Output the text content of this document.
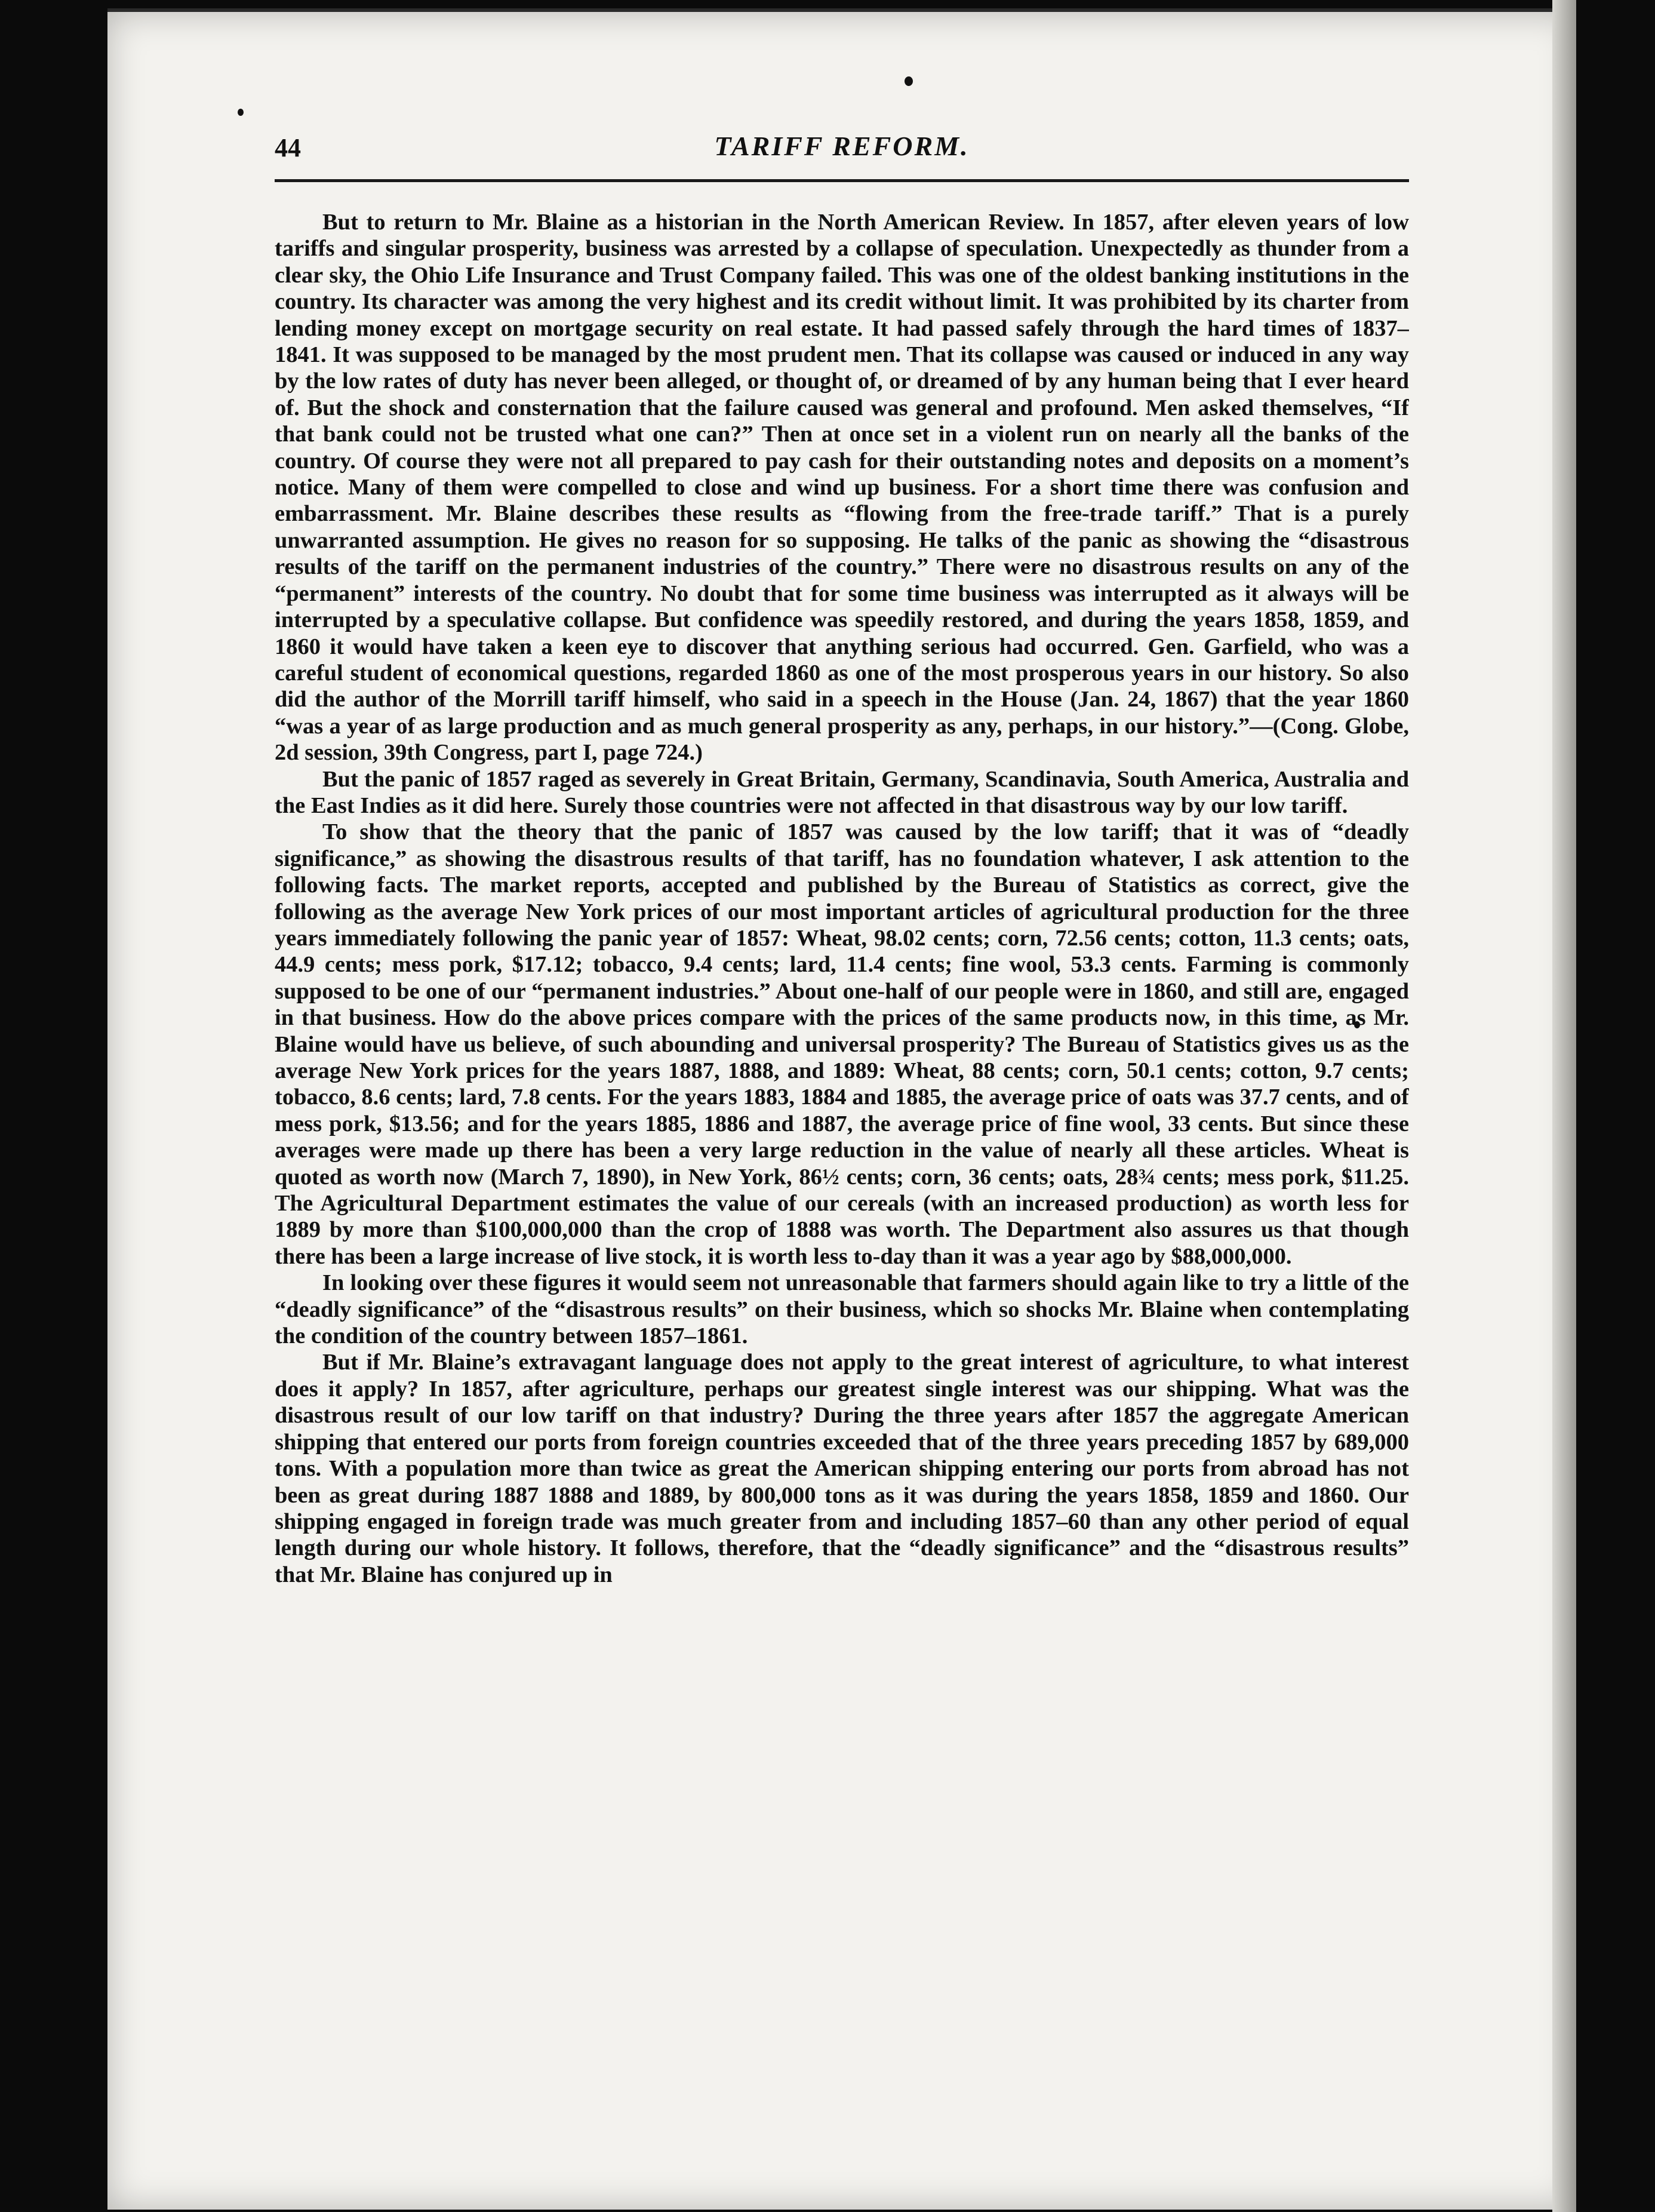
44	TARIFF REFORM.

But to return to Mr. Blaine as a historian in the North American Review. In 1857, after eleven years of low tariffs and singular prosperity, business was arrested by a collapse of speculation. Unexpectedly as thunder from a clear sky, the Ohio Life Insurance and Trust Company failed. This was one of the oldest banking institutions in the country. Its character was among the very highest and its credit without limit. It was prohibited by its charter from lending money except on mortgage security on real estate. It had passed safely through the hard times of 1837–1841. It was supposed to be managed by the most prudent men. That its collapse was caused or induced in any way by the low rates of duty has never been alleged, or thought of, or dreamed of by any human being that I ever heard of. But the shock and consternation that the failure caused was general and profound. Men asked themselves, “If that bank could not be trusted what one can?” Then at once set in a violent run on nearly all the banks of the country. Of course they were not all prepared to pay cash for their outstanding notes and deposits on a moment’s notice. Many of them were compelled to close and wind up business. For a short time there was confusion and embarrassment. Mr. Blaine describes these results as “flowing from the free-trade tariff.” That is a purely unwarranted assumption. He gives no reason for so supposing. He talks of the panic as showing the “disastrous results of the tariff on the permanent industries of the country.” There were no disastrous results on any of the “permanent” interests of the country. No doubt that for some time business was interrupted as it always will be interrupted by a speculative collapse. But confidence was speedily restored, and during the years 1858, 1859, and 1860 it would have taken a keen eye to discover that anything serious had occurred. Gen. Garfield, who was a careful student of economical questions, regarded 1860 as one of the most prosperous years in our history. So also did the author of the Morrill tariff himself, who said in a speech in the House (Jan. 24, 1867) that the year 1860 “was a year of as large production and as much general prosperity as any, perhaps, in our history.”—(Cong. Globe, 2d session, 39th Congress, part I, page 724.)

But the panic of 1857 raged as severely in Great Britain, Germany, Scandinavia, South America, Australia and the East Indies as it did here. Surely those countries were not affected in that disastrous way by our low tariff.

To show that the theory that the panic of 1857 was caused by the low tariff; that it was of “deadly significance,” as showing the disastrous results of that tariff, has no foundation whatever, I ask attention to the following facts. The market reports, accepted and published by the Bureau of Statistics as correct, give the following as the average New York prices of our most important articles of agricultural production for the three years immediately following the panic year of 1857: Wheat, 98.02 cents; corn, 72.56 cents; cotton, 11.3 cents; oats, 44.9 cents; mess pork, $17.12; tobacco, 9.4 cents; lard, 11.4 cents; fine wool, 53.3 cents. Farming is commonly supposed to be one of our “permanent industries.” About one-half of our people were in 1860, and still are, engaged in that business. How do the above prices compare with the prices of the same products now, in this time, as Mr. Blaine would have us believe, of such abounding and universal prosperity? The Bureau of Statistics gives us as the average New York prices for the years 1887, 1888, and 1889: Wheat, 88 cents; corn, 50.1 cents; cotton, 9.7 cents; tobacco, 8.6 cents; lard, 7.8 cents. For the years 1883, 1884 and 1885, the average price of oats was 37.7 cents, and of mess pork, $13.56; and for the years 1885, 1886 and 1887, the average price of fine wool, 33 cents. But since these averages were made up there has been a very large reduction in the value of nearly all these articles. Wheat is quoted as worth now (March 7, 1890), in New York, 86½ cents; corn, 36 cents; oats, 28¾ cents; mess pork, $11.25. The Agricultural Department estimates the value of our cereals (with an increased production) as worth less for 1889 by more than $100,000,000 than the crop of 1888 was worth. The Department also assures us that though there has been a large increase of live stock, it is worth less to-day than it was a year ago by $88,000,000.

In looking over these figures it would seem not unreasonable that farmers should again like to try a little of the “deadly significance” of the “disastrous results” on their business, which so shocks Mr. Blaine when contemplating the condition of the country between 1857–1861.

But if Mr. Blaine’s extravagant language does not apply to the great interest of agriculture, to what interest does it apply? In 1857, after agriculture, perhaps our greatest single interest was our shipping. What was the disastrous result of our low tariff on that industry? During the three years after 1857 the aggregate American shipping that entered our ports from foreign countries exceeded that of the three years preceding 1857 by 689,000 tons. With a population more than twice as great the American shipping entering our ports from abroad has not been as great during 1887 1888 and 1889, by 800,000 tons as it was during the years 1858, 1859 and 1860. Our shipping engaged in foreign trade was much greater from and including 1857–60 than any other period of equal length during our whole history. It follows, therefore, that the “deadly significance” and the “disastrous results” that Mr. Blaine has conjured up in
